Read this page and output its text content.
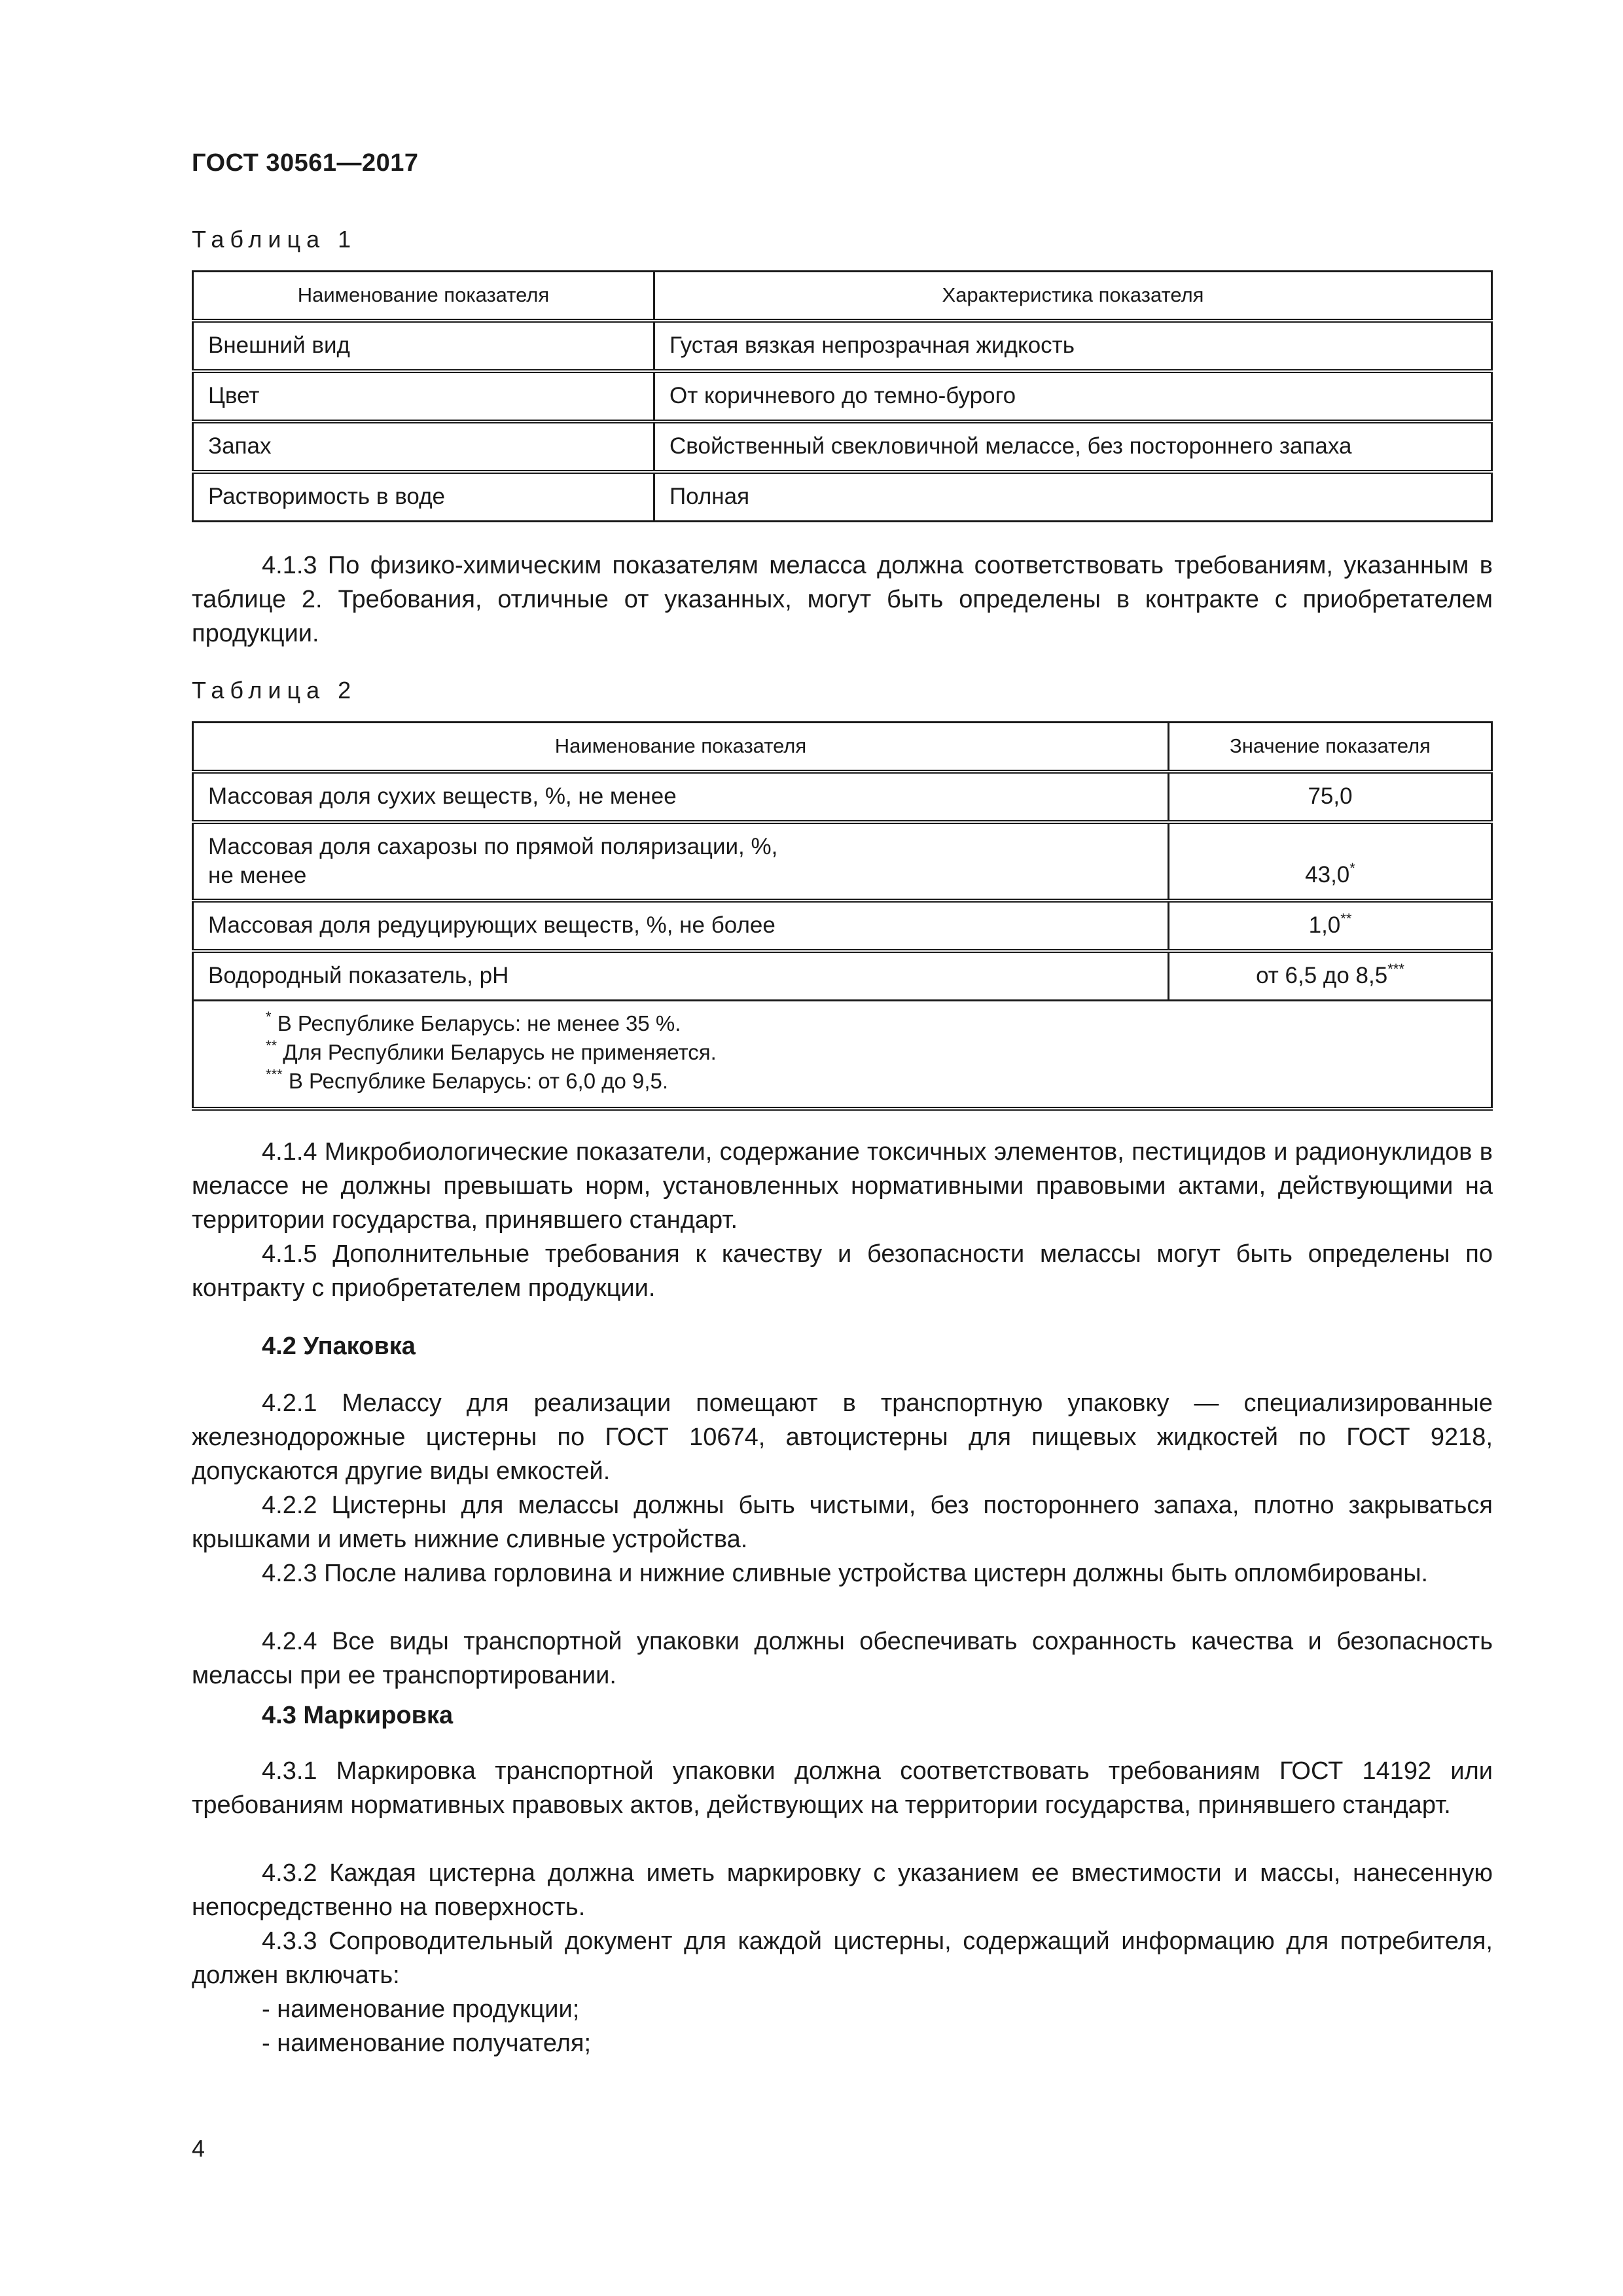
ГОСТ 30561—2017
Таблица 1
Наименование показателя	Характеристика показателя
Внешний вид	Густая вязкая непрозрачная жидкость
Цвет	От коричневого до темно-бурого
Запах	Свойственный свекловичной мелассе, без постороннего запаха
Растворимость в воде	Полная

4.1.3 По физико-химическим показателям меласса должна соответствовать требованиям, указанным в таблице 2. Требования, отличные от указанных, могут быть определены в контракте с приобретателем продукции.

Таблица 2
Наименование показателя	Значение показателя
Массовая доля сухих веществ, %, не менее	75,0
Массовая доля сахарозы по прямой поляризации, %,
не менее	43,0*
Массовая доля редуцирующих веществ, %, не более	1,0**
Водородный показатель, pH	от 6,5 до 8,5***

* В Республике Беларусь: не менее 35 %.
** Для Республики Беларусь не применяется.
*** В Республике Беларусь: от 6,0 до 9,5.	

4.1.4 Микробиологические показатели, содержание токсичных элементов, пестицидов и радионуклидов в мелассе не должны превышать норм, установленных нормативными правовыми актами, действующими на территории государства, принявшего стандарт.

4.1.5 Дополнительные требования к качеству и безопасности мелассы могут быть определены по контракту с приобретателем продукции.

4.2 Упаковка

4.2.1 Мелассу для реализации помещают в транспортную упаковку — специализированные железнодорожные цистерны по ГОСТ 10674, автоцистерны для пищевых жидкостей по ГОСТ 9218, допускаются другие виды емкостей.

4.2.2 Цистерны для мелассы должны быть чистыми, без постороннего запаха, плотно закрываться крышками и иметь нижние сливные устройства.

4.2.3 После налива горловина и нижние сливные устройства цистерн должны быть опломбированы.

4.2.4 Все виды транспортной упаковки должны обеспечивать сохранность качества и безопасность мелассы при ее транспортировании.

4.3 Маркировка

4.3.1 Маркировка транспортной упаковки должна соответствовать требованиям ГОСТ 14192 или требованиям нормативных правовых актов, действующих на территории государства, принявшего стандарт.

4.3.2 Каждая цистерна должна иметь маркировку с указанием ее вместимости и массы, нанесенную непосредственно на поверхность.

4.3.3 Сопроводительный документ для каждой цистерны, содержащий информацию для потребителя, должен включать:

- наименование продукции;
- наименование получателя;
4
